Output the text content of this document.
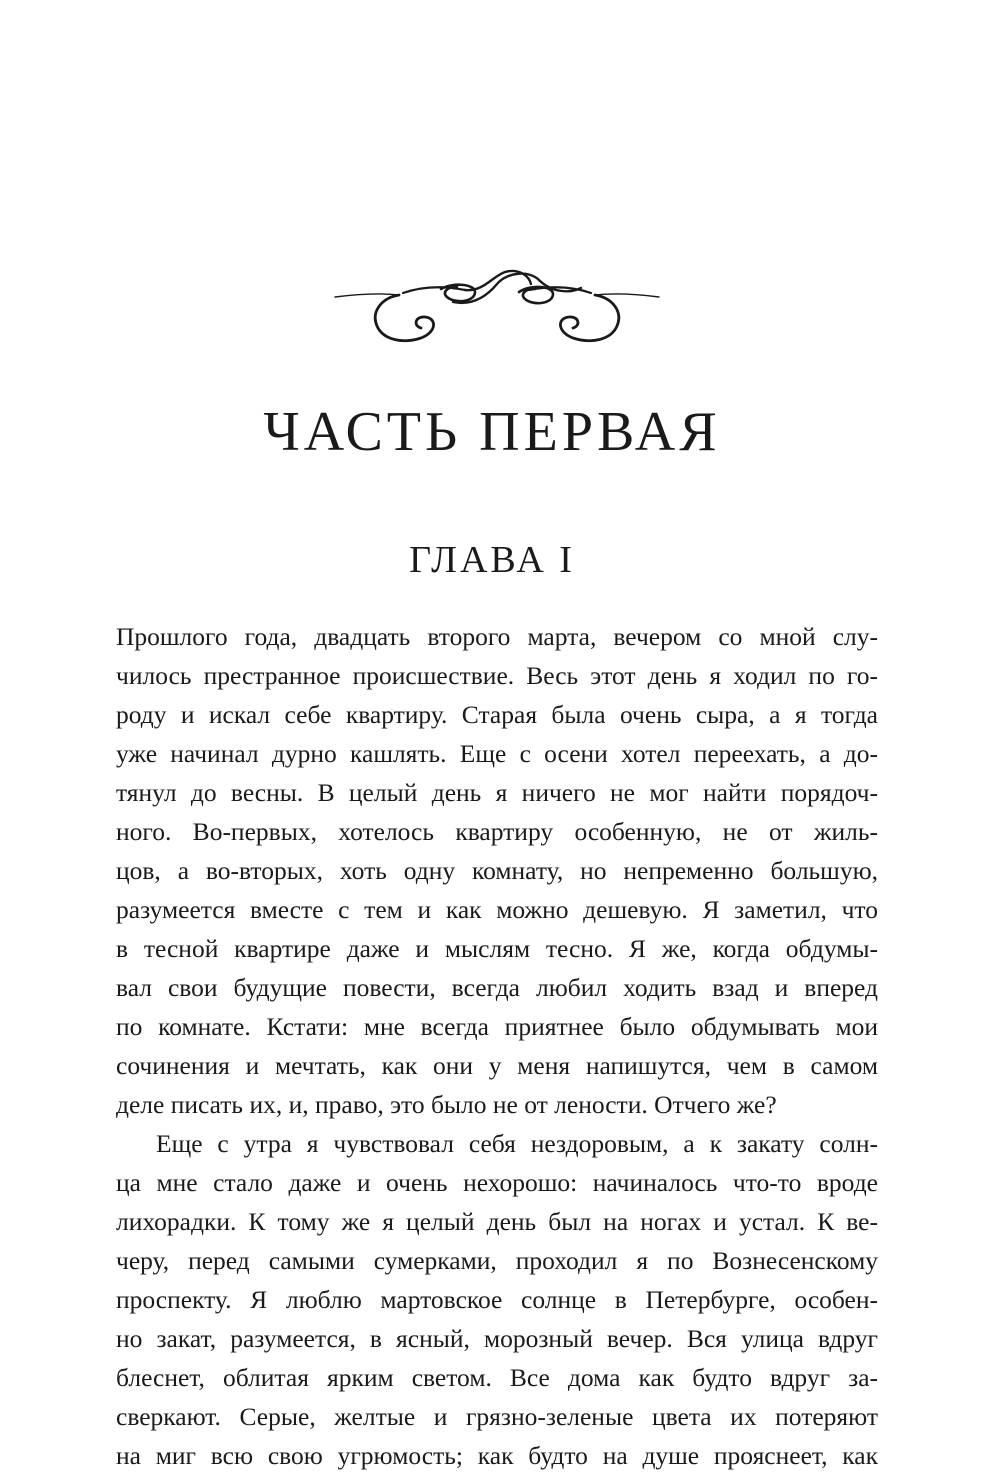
ЧАСТЬ ПЕРВАЯ
ГЛАВА I
Прошлого года, двадцать второго марта, вечером со мной слу-
чилось престранное происшествие. Весь этот день я ходил по го-
роду и искал себе квартиру. Старая была очень сыра, а я тогда
уже начинал дурно кашлять. Еще с осени хотел переехать, а до-
тянул до весны. В целый день я ничего не мог найти порядоч-
ного. Во-первых, хотелось квартиру особенную, не от жиль-
цов, а во-вторых, хоть одну комнату, но непременно большую,
разумеется вместе с тем и как можно дешевую. Я заметил, что
в тесной квартире даже и мыслям тесно. Я же, когда обдумы-
вал свои будущие повести, всегда любил ходить взад и вперед
по комнате. Кстати: мне всегда приятнее было обдумывать мои
сочинения и мечтать, как они у меня напишутся, чем в самом
деле писать их, и, право, это было не от лености. Отчего же?
Еще с утра я чувствовал себя нездоровым, а к закату солн-
ца мне стало даже и очень нехорошо: начиналось что-то вроде
лихорадки. К тому же я целый день был на ногах и устал. К ве-
черу, перед самыми сумерками, проходил я по Вознесенскому
проспекту. Я люблю мартовское солнце в Петербурге, особен-
но закат, разумеется, в ясный, морозный вечер. Вся улица вдруг
блеснет, облитая ярким светом. Все дома как будто вдруг за-
сверкают. Серые, желтые и грязно-зеленые цвета их потеряют
на миг всю свою угрюмость; как будто на душе прояснеет, как
